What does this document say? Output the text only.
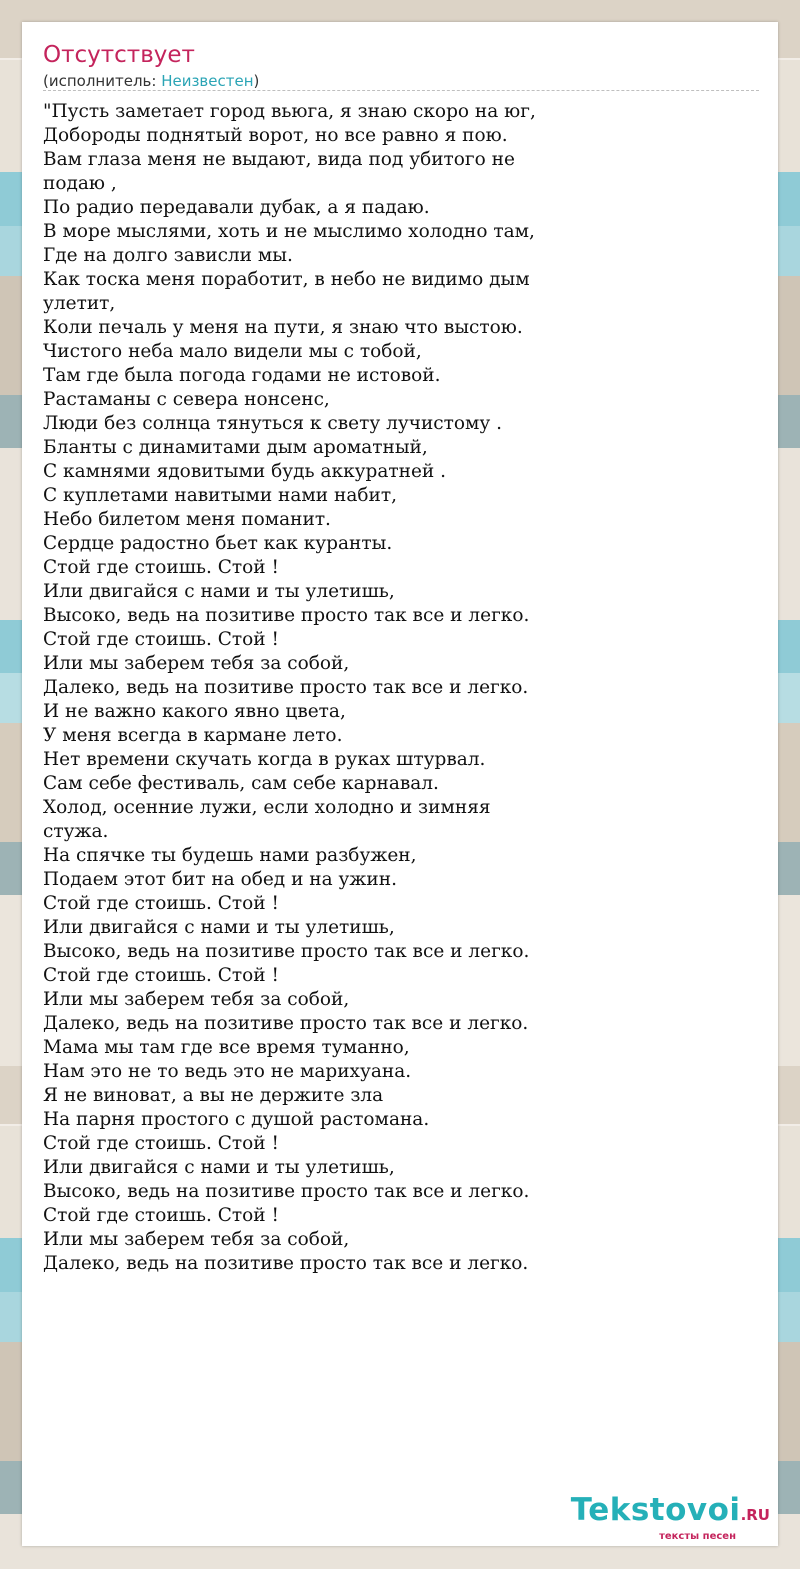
Отсутствует
(исполнитель: Неизвестен)
"Пусть заметает город вьюга, я знаю скоро на юг,
Добороды поднятый ворот, но все равно я пою.
Вам глаза меня не выдают, вида под убитого не подаю ,
По радио передавали дубак, а я падаю.
В море мыслями, хоть и не мыслимо холодно там,
Где на долго зависли мы.
Как тоска меня поработит, в небо не видимо дым улетит,
Коли печаль у меня на пути, я знаю что выстою.
Чистого неба мало видели мы с тобой,
Там где была погода годами не истовой.
Растаманы с севера нонсенс,
Люди без солнца тянуться к свету лучистому .
Бланты с динамитами дым ароматный,
С камнями ядовитыми будь аккуратней .
С куплетами навитыми нами набит,
Небо билетом меня поманит.
Сердце радостно бьет как куранты.
Стой где стоишь. Стой !
Или двигайся с нами и ты улетишь,
Высоко, ведь на позитиве просто так все и легко.
Стой где стоишь. Стой !
Или мы заберем тебя за собой,
Далеко, ведь на позитиве просто так все и легко.
И не важно какого явно цвета,
У меня всегда в кармане лето.
Нет времени скучать когда в руках штурвал.
Сам себе фестиваль, сам себе карнавал.
Холод, осенние лужи, если холодно и зимняя стужа.
На спячке ты будешь нами разбужен,
Подаем этот бит на обед и на ужин.
Стой где стоишь. Стой !
Или двигайся с нами и ты улетишь,
Высоко, ведь на позитиве просто так все и легко.
Стой где стоишь. Стой !
Или мы заберем тебя за собой,
Далеко, ведь на позитиве просто так все и легко.
Мама мы там где все время туманно,
Нам это не то ведь это не марихуана.
Я не виноват, а вы не держите зла
На парня простого с душой растомана.
Стой где стоишь. Стой !
Или двигайся с нами и ты улетишь,
Высоко, ведь на позитиве просто так все и легко.
Стой где стоишь. Стой !
Или мы заберем тебя за собой,
Далеко, ведь на позитиве просто так все и легко.
Tekstovoi.RU
тексты песен
